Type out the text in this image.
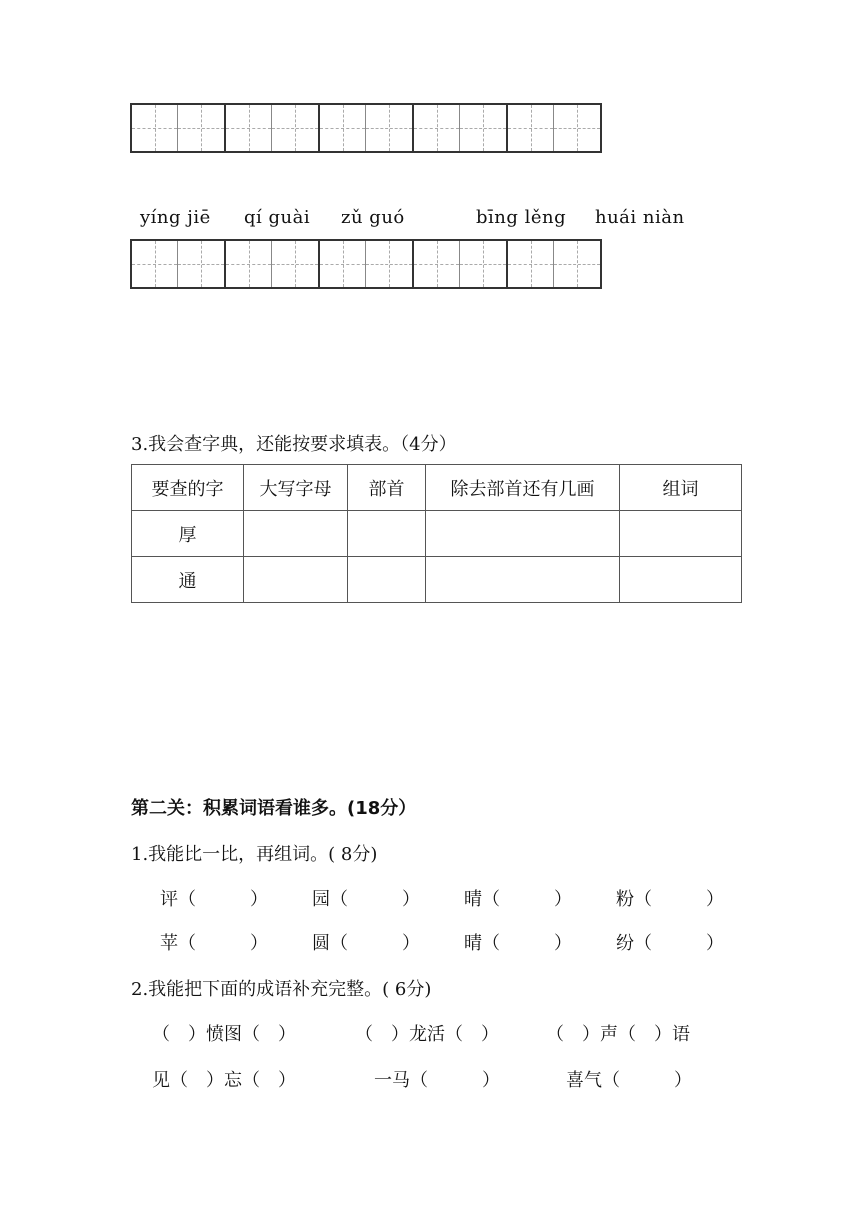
yíng jiē qí guài zǔ guó	bīng lěng huái niàn
3.我会查字典，还能按要求填表。（4分）
要查的字	大写字母	部首	除去部首还有几画	组词
厚				
通				
第二关：积累词语看谁多。(18分）
1.我能比一比，再组词。( 8分)
评（　　　） 园（　　　） 晴（　　　） 粉（　　　）
苹（　　　） 圆（　　　） 晴（　　　） 纷（　　　）
2.我能把下面的成语补充完整。( 6分)
（　）愤图（　）	（　）龙活（　）	（　）声（　）语
见（　）忘（　）	一马（　　　）	喜气（　　　）
